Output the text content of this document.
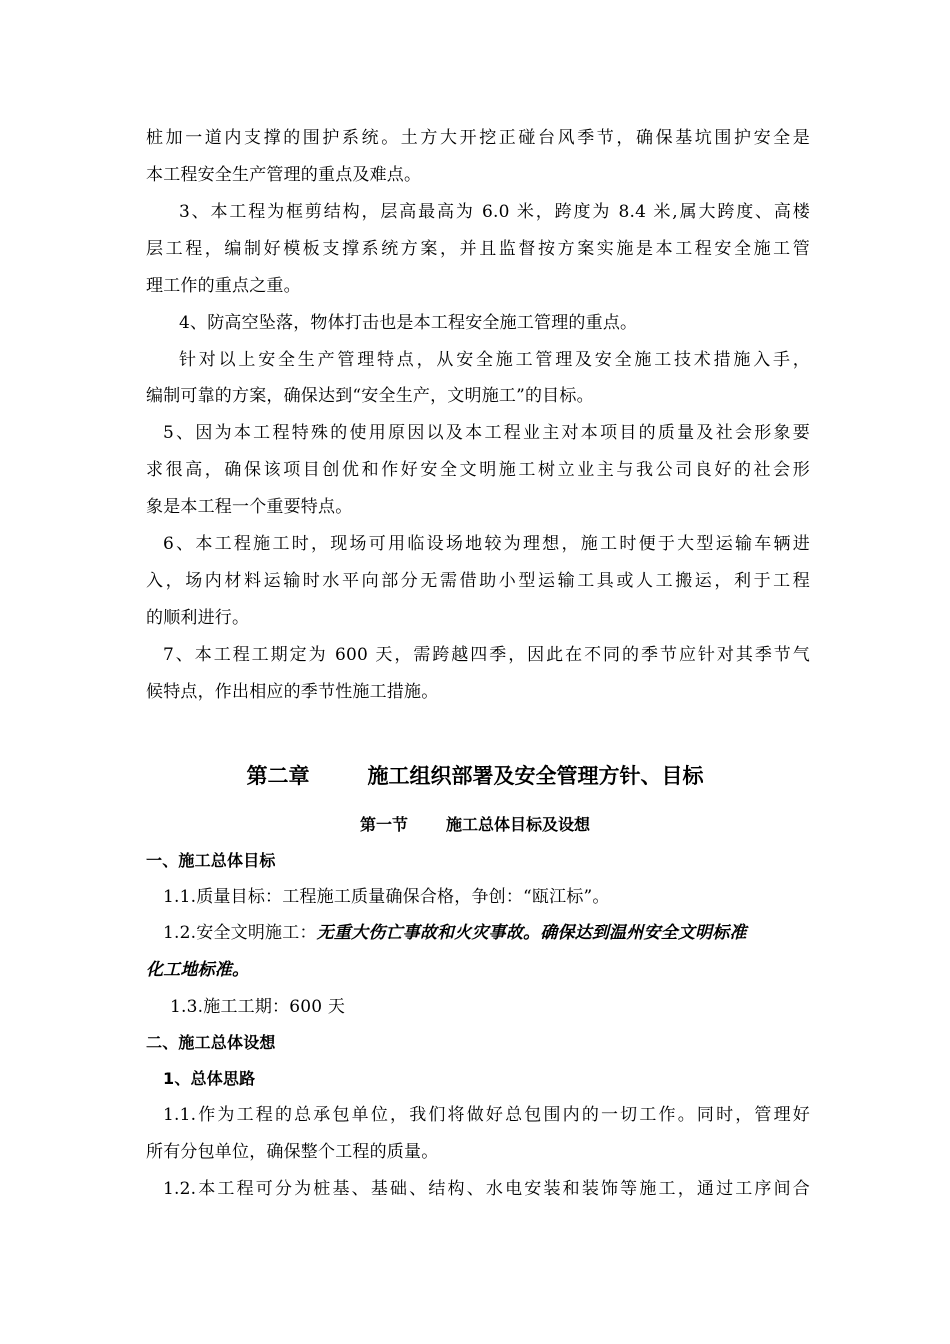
桩加一道内支撑的围护系统。土方大开挖正碰台风季节，确保基坑围护安全是
本工程安全生产管理的重点及难点。
3、本工程为框剪结构，层高最高为 6.0 米，跨度为 8.4 米,属大跨度、高楼
层工程，编制好模板支撑系统方案，并且监督按方案实施是本工程安全施工管
理工作的重点之重。
4、防高空坠落，物体打击也是本工程安全施工管理的重点。
针对以上安全生产管理特点，从安全施工管理及安全施工技术措施入手，
编制可靠的方案，确保达到“安全生产，文明施工”的目标。
5、因为本工程特殊的使用原因以及本工程业主对本项目的质量及社会形象要
求很高，确保该项目创优和作好安全文明施工树立业主与我公司良好的社会形
象是本工程一个重要特点。
6、本工程施工时，现场可用临设场地较为理想，施工时便于大型运输车辆进
入，场内材料运输时水平向部分无需借助小型运输工具或人工搬运，利于工程
的顺利进行。
7、本工程工期定为 600 天，需跨越四季，因此在不同的季节应针对其季节气
候特点，作出相应的季节性施工措施。
第二章	施工组织部署及安全管理方针、目标
第一节 施工总体目标及设想
一、施工总体目标
1.1.质量目标：工程施工质量确保合格，争创：“瓯江标”。
1.2.安全文明施工：无重大伤亡事故和火灾事故。确保达到温州安全文明标准
化工地标准。
1.3.施工工期：600 天
二、施工总体设想
1、总体思路
1.1.作为工程的总承包单位，我们将做好总包围内的一切工作。同时，管理好
所有分包单位，确保整个工程的质量。
1.2.本工程可分为桩基、基础、结构、水电安装和装饰等施工，通过工序间合
